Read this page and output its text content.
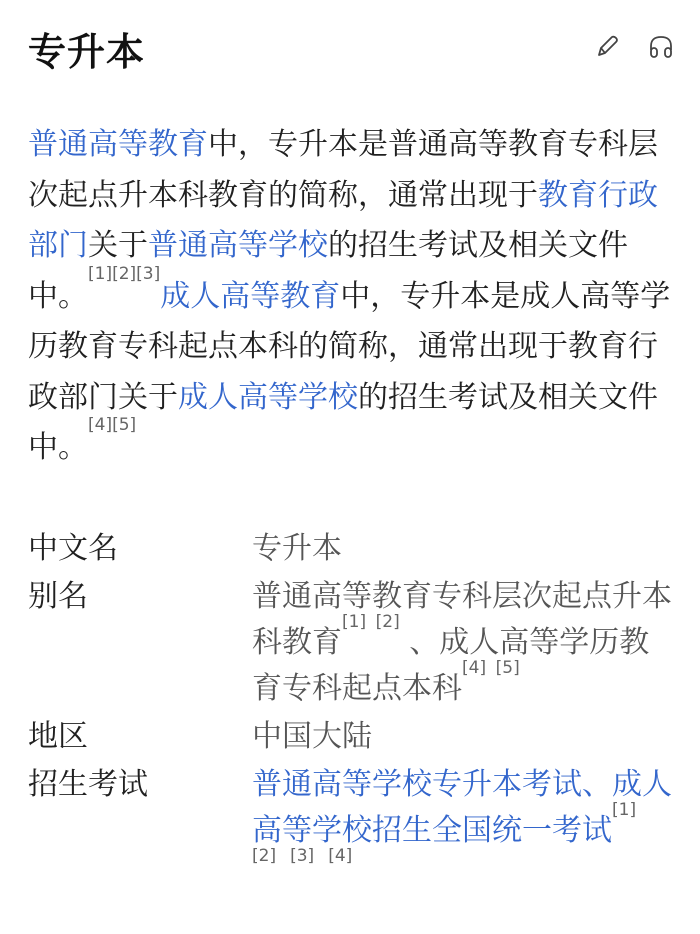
专升本
普通高等教育中，专升本是普通高等教育专科层次起点升本科教育的简称，通常出现于教育行政部门关于普通高等学校的招生考试及相关文件中。[1][2][3]成人高等教育中，专升本是成人高等学历教育专科起点本科的简称，通常出现于教育行政部门关于成人高等学校的招生考试及相关文件中。[4][5]
中文名	专升本
别名	普通高等教育专科层次起点升本科教育[1] [2] 、成人高等学历教育专科起点本科[4] [5]
地区	中国大陆
招生考试	普通高等学校专升本考试、成人高等学校招生全国统一考试[1]
[2] [3] [4]
